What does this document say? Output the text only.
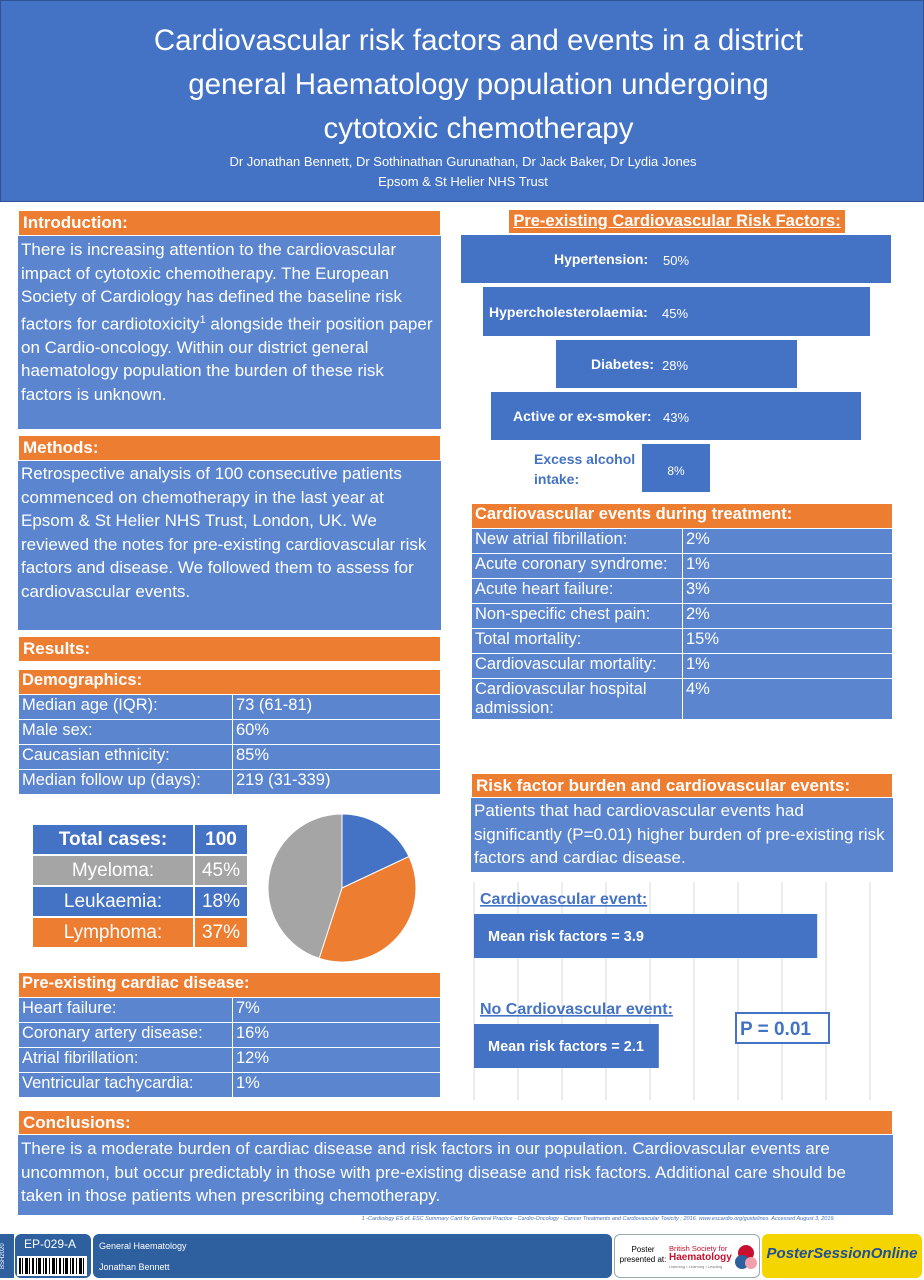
Cardiovascular risk factors and events in a district
general Haematology population undergoing
cytotoxic chemotherapy
Dr Jonathan Bennett, Dr Sothinathan Gurunathan, Dr Jack Baker, Dr Lydia Jones
Epsom & St Helier NHS Trust
Introduction:
There is increasing attention to the cardiovascular impact of cytotoxic chemotherapy. The European Society of Cardiology has defined the baseline risk factors for cardiotoxicity$^1$ alongside their position paper on Cardio-oncology. Within our district general haematology population the burden of these risk factors is unknown.
Methods:
Retrospective analysis of 100 consecutive patients commenced on chemotherapy in the last year at Epsom & St Helier NHS Trust, London, UK. We reviewed the notes for pre-existing cardiovascular risk factors and disease. We followed them to assess for cardiovascular events.
Results:
Demographics:	
Median age (IQR):	73 (61-81)
Male sex:	60%
Caucasian ethnicity:	85%
Median follow up (days):	219 (31-339)
Total cases:	100
Myeloma:	45%
Leukaemia:	18%
Lymphoma:	37%
Pre-existing cardiac disease:	
Heart failure:	7%
Coronary artery disease:	16%
Atrial fibrillation:	12%
Ventricular tachycardia:	1%
Pre-existing Cardiovascular Risk Factors:
Hypertension: 50%
Hypercholesterolaemia: 45%
Diabetes: 28%
Active or ex-smoker: 43%
Excess alcohol intake:	8%
Cardiovascular events during treatment:	
New atrial fibrillation:	2%
Acute coronary syndrome:	1%
Acute heart failure:	3%
Non-specific chest pain:	2%
Total mortality:	15%
Cardiovascular mortality:	1%
Cardiovascular hospital admission:	4%
Risk factor burden and cardiovascular events:
Patients that had cardiovascular events had significantly (P=0.01) higher burden of pre-existing risk factors and cardiac disease.
Cardiovascular event:
Mean risk factors = 3.9
No Cardiovascular event:
Mean risk factors = 2.1
P = 0.01
Conclusions:
There is a moderate burden of cardiac disease and risk factors in our population. Cardiovascular events are uncommon, but occur predictably in those with pre-existing disease and risk factors. Additional care should be taken in those patients when prescribing chemotherapy.
1 -Cardiology ES of. ESC Summary Card for General Practice - Cardio-Oncology - Cancer Treatments and Cardiovascular Toxicity ; 2016. www.escardio.org/guidelines. Accessed August 3, 2019.
BSH2020	EP-029-A	General Haematology
Jonathan Bennett
Poster
presented at:
British Society for
Haematology
Listening • Learning • Leading
PosterSessionOnline
